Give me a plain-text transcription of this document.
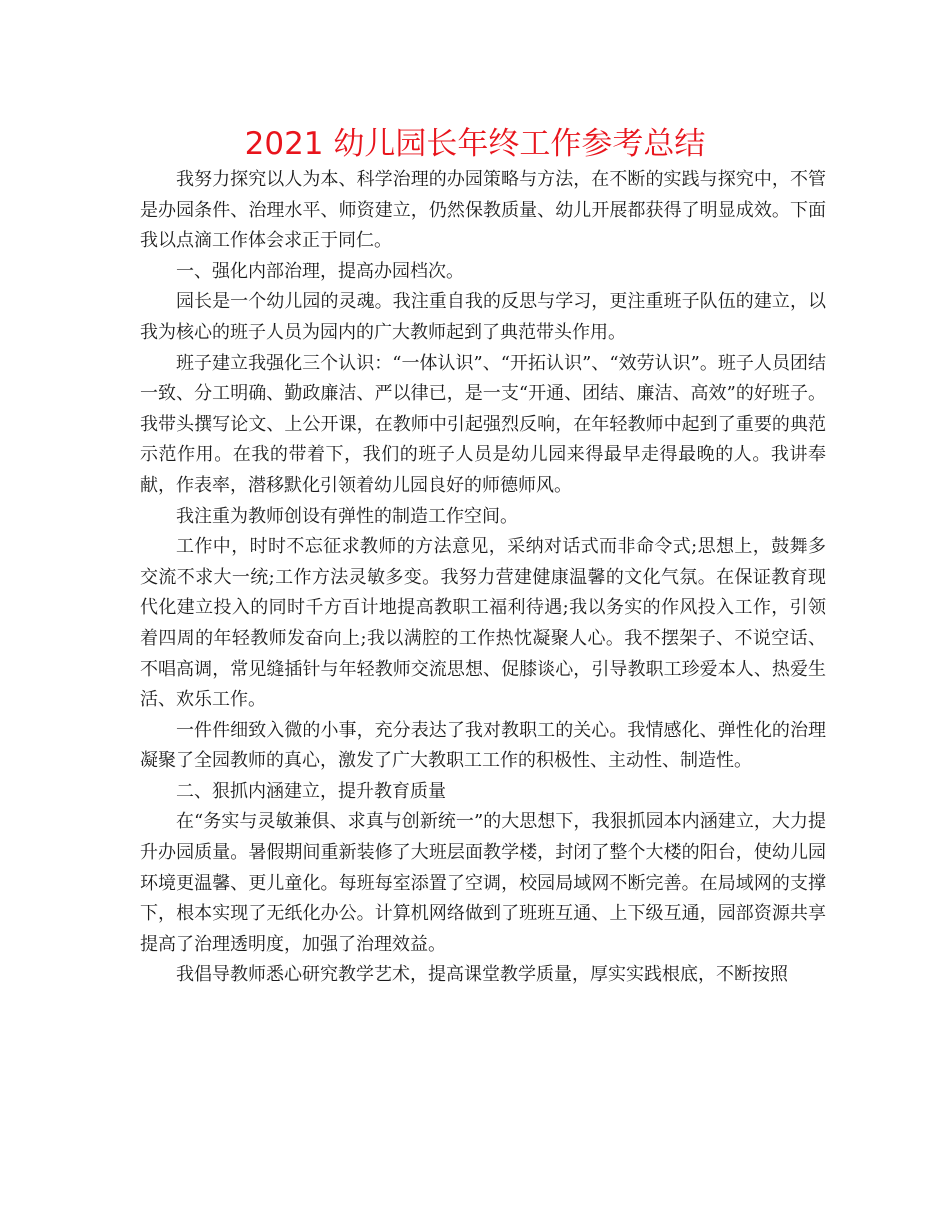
2021 幼儿园长年终工作参考总结

我努力探究以人为本、科学治理的办园策略与方法，在不断的实践与探究中，不管是办园条件、治理水平、师资建立，仍然保教质量、幼儿开展都获得了明显成效。下面我以点滴工作体会求正于同仁。

一、强化内部治理，提高办园档次。

园长是一个幼儿园的灵魂。我注重自我的反思与学习，更注重班子队伍的建立，以我为核心的班子人员为园内的广大教师起到了典范带头作用。

班子建立我强化三个认识：“一体认识”、“开拓认识”、“效劳认识”。班子人员团结一致、分工明确、勤政廉洁、严以律已，是一支“开通、团结、廉洁、高效”的好班子。我带头撰写论文、上公开课，在教师中引起强烈反响，在年轻教师中起到了重要的典范示范作用。在我的带着下，我们的班子人员是幼儿园来得最早走得最晚的人。我讲奉献，作表率，潜移默化引领着幼儿园良好的师德师风。

我注重为教师创设有弹性的制造工作空间。

工作中，时时不忘征求教师的方法意见，采纳对话式而非命令式;思想上，鼓舞多交流不求大一统;工作方法灵敏多变。我努力营建健康温馨的文化气氛。在保证教育现代化建立投入的同时千方百计地提高教职工福利待遇;我以务实的作风投入工作，引领着四周的年轻教师发奋向上;我以满腔的工作热忱凝聚人心。我不摆架子、不说空话、不唱高调，常见缝插针与年轻教师交流思想、促膝谈心，引导教职工珍爱本人、热爱生活、欢乐工作。

一件件细致入微的小事，充分表达了我对教职工的关心。我情感化、弹性化的治理凝聚了全园教师的真心，激发了广大教职工工作的积极性、主动性、制造性。

二、狠抓内涵建立，提升教育质量

在“务实与灵敏兼俱、求真与创新统一”的大思想下，我狠抓园本内涵建立，大力提升办园质量。暑假期间重新装修了大班层面教学楼，封闭了整个大楼的阳台，使幼儿园环境更温馨、更儿童化。每班每室添置了空调，校园局域网不断完善。在局域网的支撑下，根本实现了无纸化办公。计算机网络做到了班班互通、上下级互通，园部资源共享提高了治理透明度，加强了治理效益。

我倡导教师悉心研究教学艺术，提高课堂教学质量，厚实实践根底，不断按照
